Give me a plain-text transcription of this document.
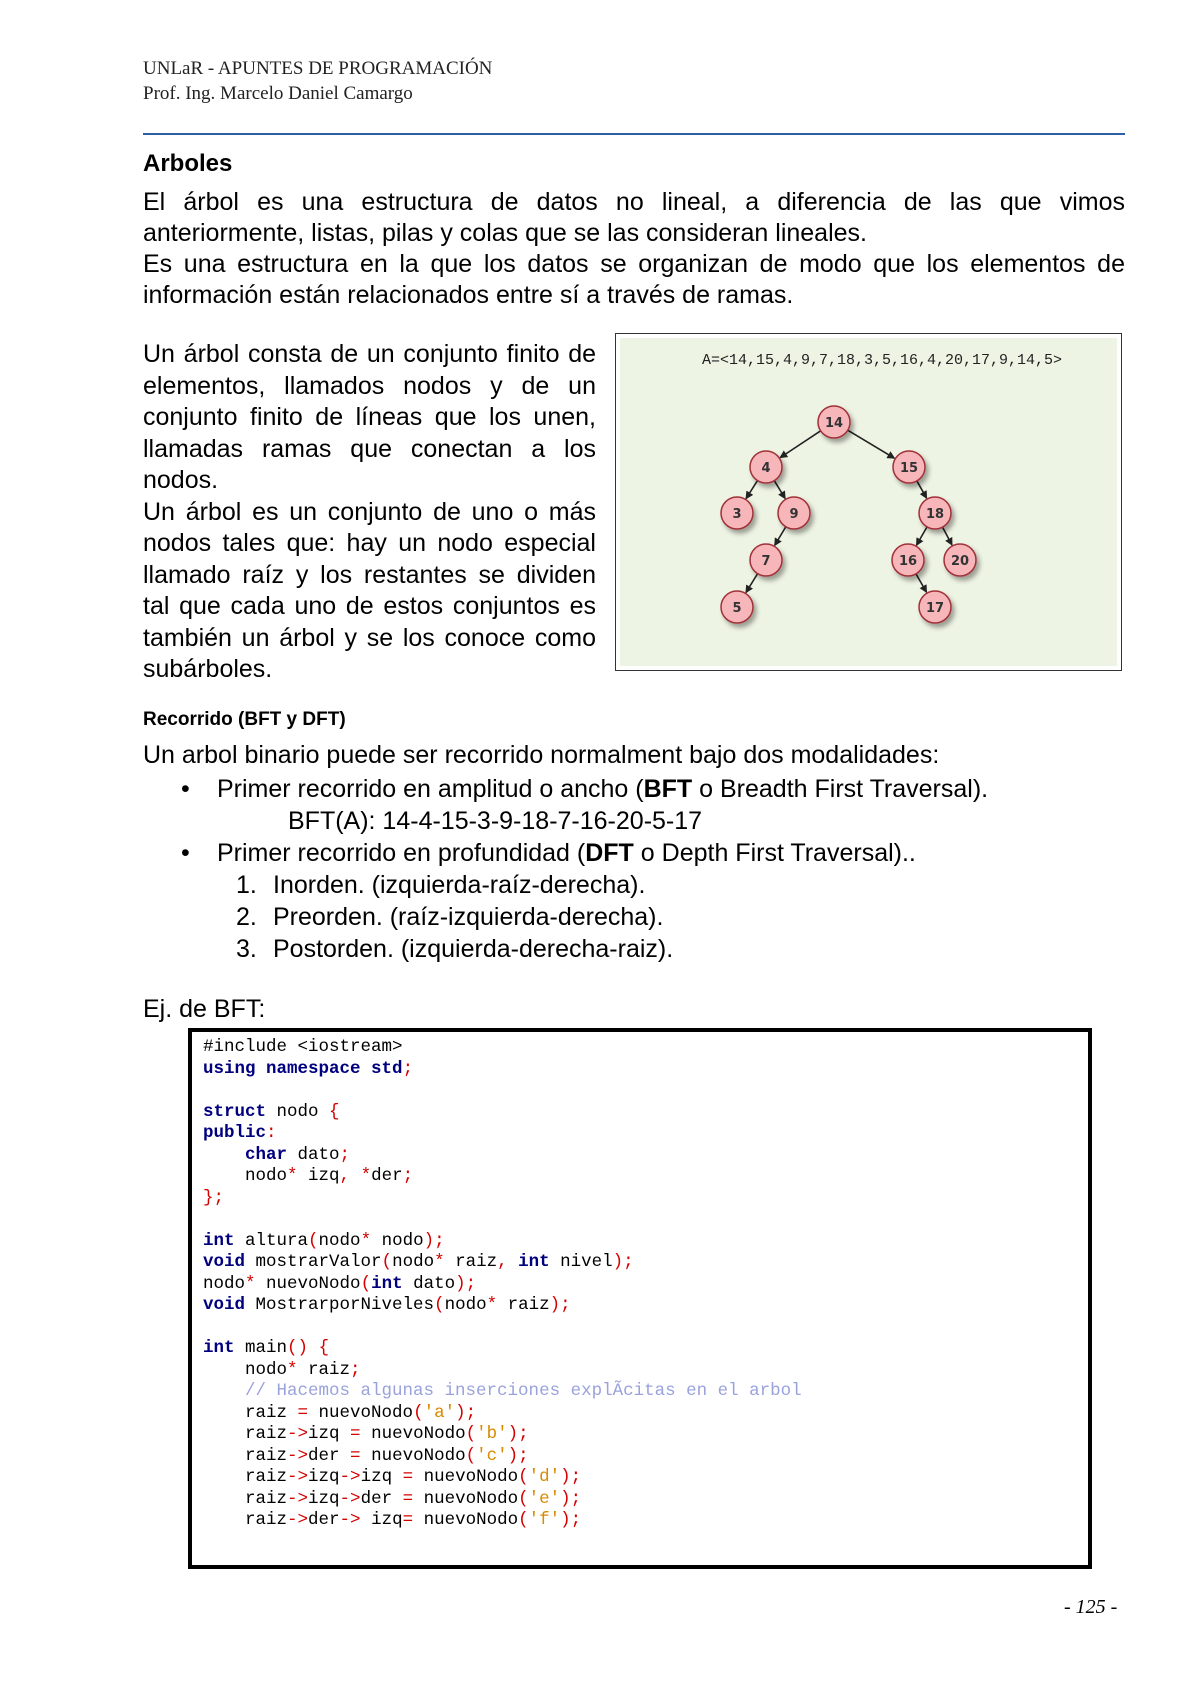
UNLaR - APUNTES DE PROGRAMACIÓN
Prof. Ing. Marcelo Daniel Camargo
Arboles
El árbol es una estructura de datos no lineal, a diferencia de las que vimos anteriormente, listas, pilas y colas que se las consideran lineales.
Es una estructura en la que los datos se organizan de modo que los elementos de información están relacionados entre sí a través de ramas.

Un árbol consta de un conjunto finito de elementos, llamados nodos y de un conjunto finito de líneas que los unen, llamadas ramas que conectan a los nodos.

Un árbol es un conjunto de uno o más nodos tales que: hay un nodo especial llamado raíz y los restantes se dividen tal que cada uno de estos conjuntos es también un árbol y se los conoce como subárboles.

A=<14,15,4,9,7,18,3,5,16,4,20,17,9,14,5>
14
4	15
3	9	18
7	16	20
5	17
Recorrido (BFT y DFT)
Un arbol binario puede ser recorrido normalment bajo dos modalidades:
• Primer recorrido en amplitud o ancho (BFT o Breadth First Traversal).
BFT(A): 14-4-15-3-9-18-7-16-20-5-17
• Primer recorrido en profundidad (DFT o Depth First Traversal)..
1. Inorden. (izquierda-raíz-derecha).
2. Preorden. (raíz-izquierda-derecha).
3. Postorden. (izquierda-derecha-raiz).
Ej. de BFT:
#include <iostream>
using namespace std;
struct nodo {
public:
char dato;
nodo* izq, *der;
};
int altura(nodo* nodo);
void mostrarValor(nodo* raiz, int nivel);
nodo* nuevoNodo(int dato);
void MostrarporNiveles(nodo* raiz);
int main() {
nodo* raiz;
// Hacemos algunas inserciones explÃcitas en el arbol
raiz = nuevoNodo('a');
raiz->izq = nuevoNodo('b');
raiz->der = nuevoNodo('c');
raiz->izq->izq = nuevoNodo('d');
raiz->izq->der = nuevoNodo('e');
raiz->der-> izq= nuevoNodo('f');
- 125 -
